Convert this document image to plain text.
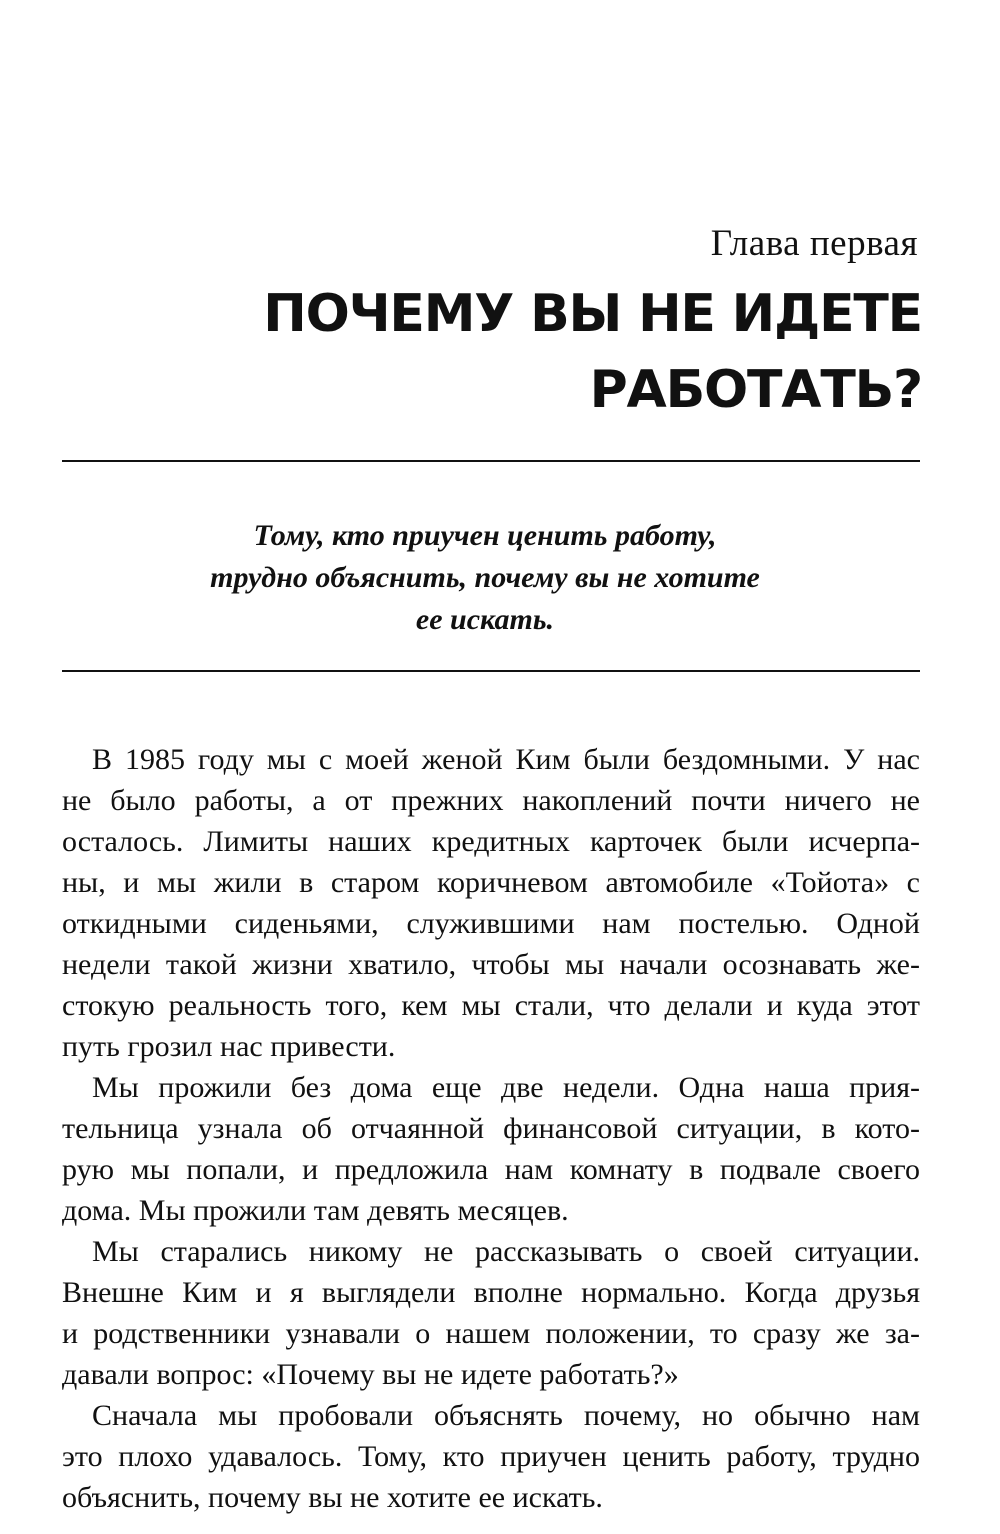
Глава первая
ПОЧЕМУ ВЫ НЕ ИДЕТЕ
РАБОТАТЬ?
Тому, кто приучен ценить работу,
трудно объяснить, почему вы не хотите
ее искать.
В 1985 году мы с моей женой Ким были бездомными. У нас
не было работы, а от прежних накоплений почти ничего не
осталось. Лимиты наших кредитных карточек были исчерпа-
ны, и мы жили в старом коричневом автомобиле «Тойота» с
откидными сиденьями, служившими нам постелью. Одной
недели такой жизни хватило, чтобы мы начали осознавать же-
стокую реальность того, кем мы стали, что делали и куда этот
путь грозил нас привести.
Мы прожили без дома еще две недели. Одна наша прия-
тельница узнала об отчаянной финансовой ситуации, в кото-
рую мы попали, и предложила нам комнату в подвале своего
дома. Мы прожили там девять месяцев.
Мы старались никому не рассказывать о своей ситуации.
Внешне Ким и я выглядели вполне нормально. Когда друзья
и родственники узнавали о нашем положении, то сразу же за-
давали вопрос: «Почему вы не идете работать?»
Сначала мы пробовали объяснять почему, но обычно нам
это плохо удавалось. Тому, кто приучен ценить работу, трудно
объяснить, почему вы не хотите ее искать.
